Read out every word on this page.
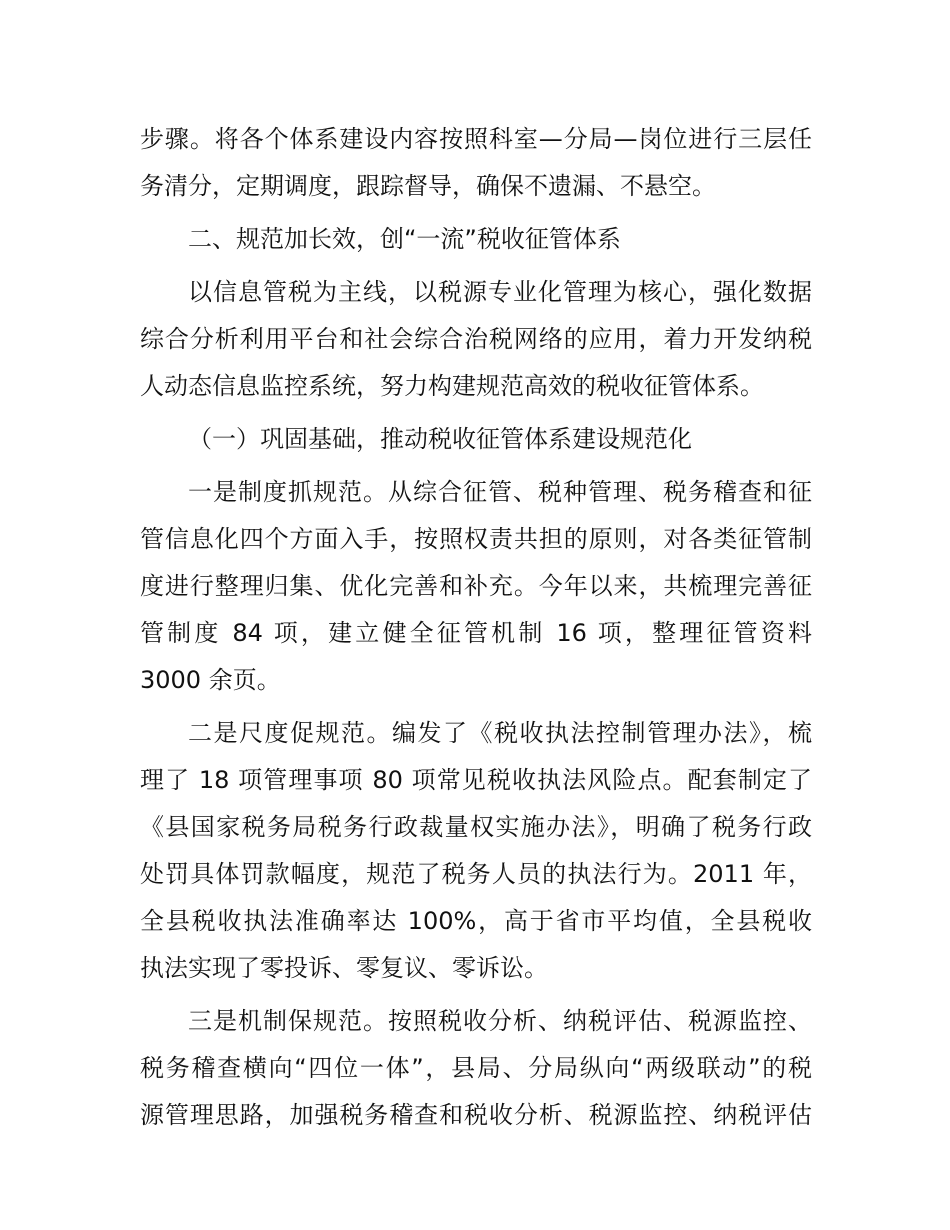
步骤。将各个体系建设内容按照科室—分局—岗位进行三层任
务清分，定期调度，跟踪督导，确保不遗漏、不悬空。
二、规范加长效，创“一流”税收征管体系
以信息管税为主线，以税源专业化管理为核心，强化数据
综合分析利用平台和社会综合治税网络的应用，着力开发纳税
人动态信息监控系统，努力构建规范高效的税收征管体系。
（一）巩固基础，推动税收征管体系建设规范化
一是制度抓规范。从综合征管、税种管理、税务稽查和征
管信息化四个方面入手，按照权责共担的原则，对各类征管制
度进行整理归集、优化完善和补充。今年以来，共梳理完善征
管制度 84 项，建立健全征管机制 16 项，整理征管资料
3000 余页。
二是尺度促规范。编发了《税收执法控制管理办法》，梳
理了 18 项管理事项 80 项常见税收执法风险点。配套制定了
《县国家税务局税务行政裁量权实施办法》，明确了税务行政
处罚具体罚款幅度，规范了税务人员的执法行为。2011 年，
全县税收执法准确率达 100%，高于省市平均值，全县税收
执法实现了零投诉、零复议、零诉讼。
三是机制保规范。按照税收分析、纳税评估、税源监控、
税务稽查横向“四位一体”，县局、分局纵向“两级联动”的税
源管理思路，加强税务稽查和税收分析、税源监控、纳税评估
